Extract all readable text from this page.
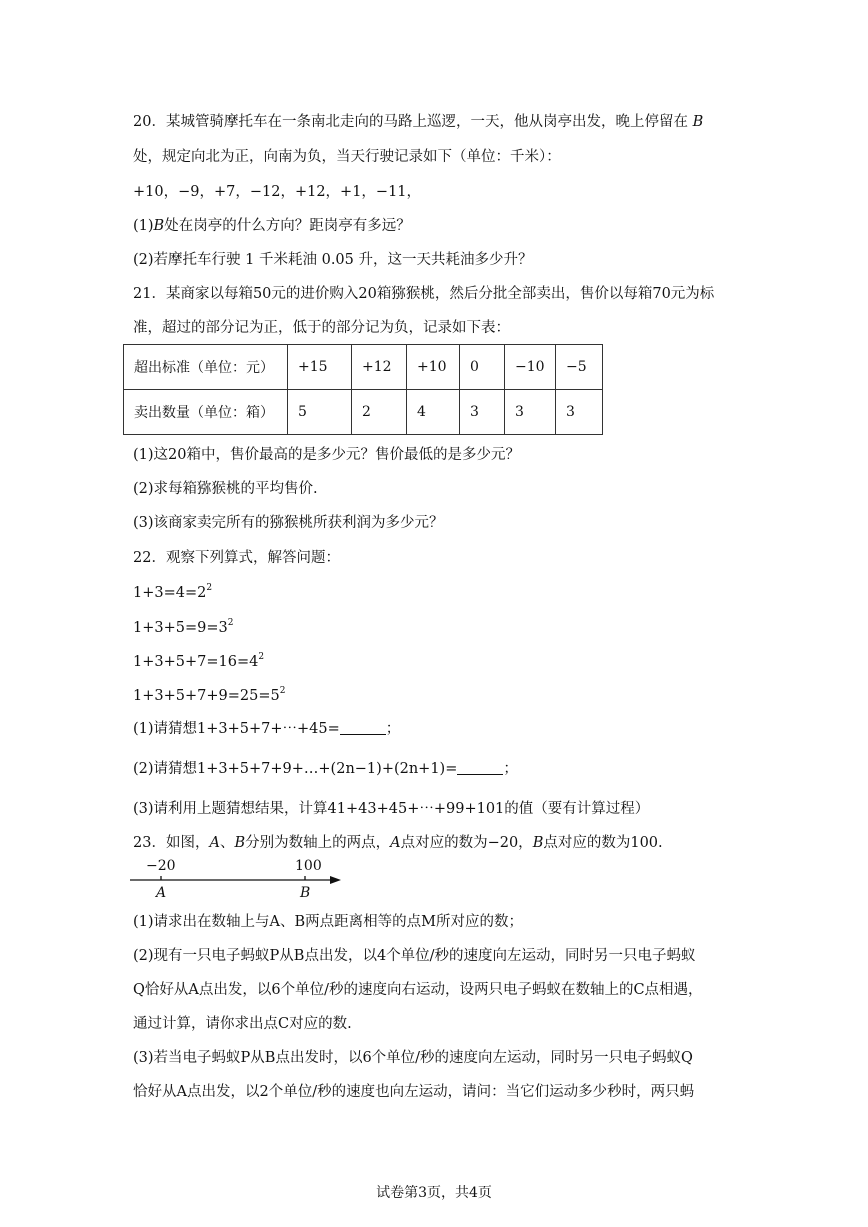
20．某城管骑摩托车在一条南北走向的马路上巡逻，一天，他从岗亭出发，晚上停留在 B
处，规定向北为正，向南为负，当天行驶记录如下（单位：千米）：
+10，−9，+7，−12，+12，+1，−11，
(1)B处在岗亭的什么方向？距岗亭有多远？
(2)若摩托车行驶 1 千米耗油 0.05 升，这一天共耗油多少升？
21．某商家以每箱50元的进价购入20箱猕猴桃，然后分批全部卖出，售价以每箱70元为标
准，超过的部分记为正，低于的部分记为负，记录如下表：
超出标准（单位：元）	+15	+12	+10	0	−10	−5
卖出数量（单位：箱）	5	2	4	3	3	3
(1)这20箱中，售价最高的是多少元？售价最低的是多少元？
(2)求每箱猕猴桃的平均售价.
(3)该商家卖完所有的猕猴桃所获利润为多少元？
22．观察下列算式，解答问题：
$1+3=4=2^2$
$1+3+5=9=3^2$
$1+3+5+7=16=4^2$
$1+3+5+7+9=25=5^2$
(1)请猜想1+3+5+7+⋯+45=	；
(2)请猜想1+3+5+7+9+…+(2n−1)+(2n+1)=	；
(3)请利用上题猜想结果，计算41+43+45+⋯+99+101的值（要有计算过程）
23．如图，A、B分别为数轴上的两点，A点对应的数为−20，B点对应的数为100.
−20	100
A	B
(1)请求出在数轴上与A、B两点距离相等的点M所对应的数；
(2)现有一只电子蚂蚁P从B点出发，以4个单位/秒的速度向左运动，同时另一只电子蚂蚁
Q恰好从A点出发，以6个单位/秒的速度向右运动，设两只电子蚂蚁在数轴上的C点相遇，
通过计算，请你求出点C对应的数.
(3)若当电子蚂蚁P从B点出发时，以6个单位/秒的速度向左运动，同时另一只电子蚂蚁Q
恰好从A点出发，以2个单位/秒的速度也向左运动，请问：当它们运动多少秒时，两只蚂
试卷第3页，共4页
